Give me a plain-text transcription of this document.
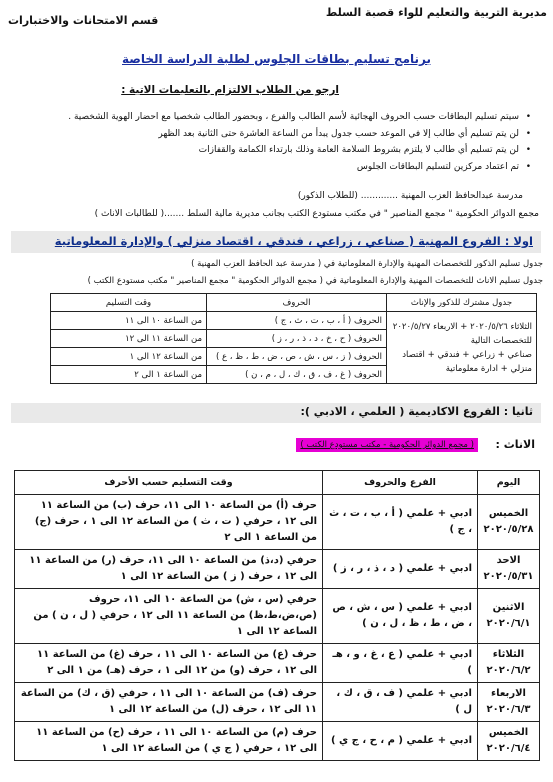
مديرية التربية والتعليم للواء قصبة السلط
قسم الامتحانات والاختبارات
برنامج تسليم بطاقات الجلوس لطلبة الدراسة الخاصة
ارجو من الطلاب الالتزام بالتعليمات الاتية :
• سيتم تسليم البطاقات حسب الحروف الهجائية لأسم الطالب والفرع ، وبحضور الطالب شخصيا مع احضار الهوية الشخصية .
• لن يتم تسليم أي طالب إلا في الموعد حسب جدول يبدأ من الساعة العاشرة حتى الثانية بعد الظهر
• لن يتم تسليم أي طالب لا يلتزم بشروط السلامة العامة وذلك بارتداء الكمامة والقفازات
• تم اعتماد مركزين لتسليم البطاقات الجلوس
مدرسة عبدالحافظ العزب المهنية ............. (للطلاب الذكور)
مجمع الدوائر الحكومية " مجمع المناصير " في مكتب مستودع الكتب بجانب مديرية مالية السلط .......( للطالبات الاناث )
اولا : الفروع المهنية ( صناعي ، زراعي ، فندقي ، اقتصاد منزلي ) والإدارة المعلوماتية
جدول تسليم الذكور للتخصصات المهنية والإدارة المعلوماتية في ( مدرسة عبد الحافظ العزب المهنية )
جدول تسليم الاناث للتخصصات المهنية والإدارة المعلوماتية في ( مجمع الدوائر الحكومية " مجمع المناصير " مكتب مستودع الكتب )
جدول مشترك للذكور والإناث	الحروف	وقت التسليم

الثلاثاء ٢٠٢٠/٥/٢٦ + الاربعاء ٢٠٢٠/٥/٢٧
للتخصصات التالية
صناعي + زراعي + فندقي + اقتصاد منزلي + ادارة معلوماتية	الحروف ( أ ، ب ، ت ، ث ، ج )	من الساعة ١٠ الى ١١
	الحروف ( ح ، خ ، د ، ذ ، ر ، ز )	من الساعة ١١ الى ١٢
	الحروف ( ز ، س ، ش ، ص ، ض ، ط ، ظ ، ع )	من الساعة ١٢ الى ١
	الحروف ( غ ، ف ، ق ، ك ، ل ، م ، ن )	من الساعة ١ الى ٢
ثانيا : الفروع الاكاديمية ( العلمي ، الادبي ):
الاناث :
( مجمع الدوائر الحكومية - مكتب مستودع الكتب )
اليوم	الفرع والحروف	وقت التسليم حسب الأحرف

الخميس
٢٠٢٠/٥/٢٨	ادبي + علمي ( أ ، ب ، ت ، ث ، ج )	حرف (أ) من الساعة ١٠ الى ١١، حرف (ب) من الساعة ١١ الى ١٢ ، حرفي ( ت ، ث ) من الساعة ١٢ الى ١ ، حرف (ج) من الساعة ١ الى ٢

الاحد
٢٠٢٠/٥/٣١	ادبي + علمي ( د ، ذ ، ر ، ز )	حرفي (د،ذ) من الساعة ١٠ الى ١١، حرف (ر) من الساعة ١١ الى ١٢ ، حرف ( ز ) من الساعة ١٢ الى ١

الاثنين
٢٠٢٠/٦/١	ادبي + علمي ( س ، ش ، ص ، ض ، ط ، ظ ، ل ، ن )	حرفي (س ، ش) من الساعة ١٠ الى ١١، حروف (ص،ض،ط،ظ) من الساعة ١١ الى ١٢ ، حرفي ( ل ، ن ) من الساعة ١٢ الى ١

الثلاثاء
٢٠٢٠/٦/٢	ادبي + علمي ( ع ، غ ، و ، هـ )	حرف (ع) من الساعة ١٠ الى ١١ ، حرف (غ) من الساعة ١١ الى ١٢ ، حرف (و) من ١٢ الى ١ ، حرف (هـ) من ١ الى ٢

الاربعاء
٢٠٢٠/٦/٣	ادبي + علمي ( ف ، ق ، ك ، ل )	حرف (ف) من الساعة ١٠ الى ١١ ، حرفي (ق ، ك) من الساعة ١١ الى ١٢ ، حرف (ل) من الساعة ١٢ الى ١

الخميس
٢٠٢٠/٦/٤	ادبي + علمي ( م ، ح ، ج ي )	حرف (م) من الساعة ١٠ الى ١١ ، حرف (ح) من الساعة ١١ الى ١٢ ، حرفي ( ج ي ) من الساعة ١٢ الى ١
